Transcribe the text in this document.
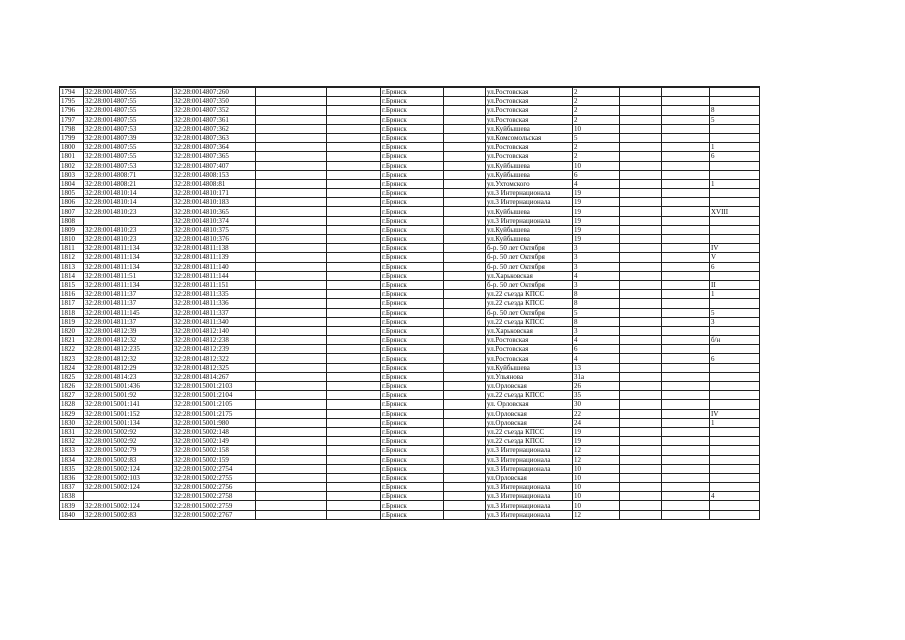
1794	32:28:0014807:55	32:28:0014807:260			г.Брянск		ул.Ростовская	2			
1795	32:28:0014807:55	32:28:0014807:350			г.Брянск		ул.Ростовская	2			
1796	32:28:0014807:55	32:28:0014807:352			г.Брянск		ул.Ростовская	2			8
1797	32:28:0014807:55	32:28:0014807:361			г.Брянск		ул.Ростовская	2			5
1798	32:28:0014807:53	32:28:0014807:362			г.Брянск		ул.Куйбышева	10			
1799	32:28:0014807:39	32:28:0014807:363			г.Брянск		ул.Комсомольская	5			
1800	32:28:0014807:55	32:28:0014807:364			г.Брянск		ул.Ростовская	2			1
1801	32:28:0014807:55	32:28:0014807:365			г.Брянск		ул.Ростовская	2			6
1802	32:28:0014807:53	32:28:0014807:407			г.Брянск		ул.Куйбышева	10			
1803	32:28:0014808:71	32:28:0014808:153			г.Брянск		ул.Куйбышева	6			
1804	32:28:0014808:21	32:28:0014808:81			г.Брянск		ул.Ухтомского	4			1
1805	32:28:0014810:14	32:28:0014810:171			г.Брянск		ул.3 Интернационала	19			
1806	32:28:0014810:14	32:28:0014810:183			г.Брянск		ул.3 Интернационала	19			
1807	32:28:0014810:23	32:28:0014810:365			г.Брянск		ул.Куйбышева	19			XVIII
1808		32:28:0014810:374			г.Брянск		ул.3 Интернационала	19			
1809	32:28:0014810:23	32:28:0014810:375			г.Брянск		ул.Куйбышева	19			
1810	32:28:0014810:23	32:28:0014810:376			г.Брянск		ул.Куйбышева	19			
1811	32:28:0014811:134	32:28:0014811:138			г.Брянск		б-р. 50 лет Октября	3			IV
1812	32:28:0014811:134	32:28:0014811:139			г.Брянск		б-р. 50 лет Октября	3			V
1813	32:28:0014811:134	32:28:0014811:140			г.Брянск		б-р. 50 лет Октября	3			6
1814	32:28:0014811:51	32:28:0014811:144			г.Брянск		ул.Харьковская	4			
1815	32:28:0014811:134	32:28:0014811:151			г.Брянск		б-р. 50 лет Октября	3			II
1816	32:28:0014811:37	32:28:0014811:335			г.Брянск		ул.22 съезда КПСС	8			1
1817	32:28:0014811:37	32:28:0014811:336			г.Брянск		ул.22 съезда КПСС	8			
1818	32:28:0014811:145	32:28:0014811:337			г.Брянск		б-р. 50 лет Октября	5			5
1819	32:28:0014811:37	32:28:0014811:340			г.Брянск		ул.22 съезда КПСС	8			3
1820	32:28:0014812:39	32:28:0014812:140			г.Брянск		ул.Харьковская	3			
1821	32:28:0014812:32	32:28:0014812:238			г.Брянск		ул.Ростовская	4			б/н
1822	32:28:0014812:235	32:28:0014812:239			г.Брянск		ул.Ростовская	6			
1823	32:28:0014812:32	32:28:0014812:322			г.Брянск		ул.Ростовская	4			6
1824	32:28:0014812:29	32:28:0014812:325			г.Брянск		ул.Куйбышева	13			
1825	32:28:0014814:23	32:28:0014814:267			г.Брянск		ул.Ульянова	31а			
1826	32:28:0015001:436	32:28:0015001:2103			г.Брянск		ул.Орловская	26			
1827	32:28:0015001:92	32:28:0015001:2104			г.Брянск		ул.22 съезда КПСС	35			
1828	32:28:0015001:141	32:28:0015001:2105			г.Брянск		ул. Орловская	30			
1829	32:28:0015001:152	32:28:0015001:2175			г.Брянск		ул.Орловская	22			IV
1830	32:28:0015001:134	32:28:0015001:980			г.Брянск		ул.Орловская	24			1
1831	32:28:0015002:92	32:28:0015002:148			г.Брянск		ул.22 съезда КПСС	19			
1832	32:28:0015002:92	32:28:0015002:149			г.Брянск		ул.22 съезда КПСС	19			
1833	32:28:0015002:79	32:28:0015002:158			г.Брянск		ул.3 Интернационала	12			
1834	32:28:0015002:83	32:28:0015002:159			г.Брянск		ул.3 Интернационала	12			
1835	32:28:0015002:124	32:28:0015002:2754			г.Брянск		ул.3 Интернационала	10			
1836	32:28:0015002:103	32:28:0015002:2755			г.Брянск		ул.Орловская	10			
1837	32:28:0015002:124	32:28:0015002:2756			г.Брянск		ул.3 Интернационала	10			
1838		32:28:0015002:2758			г.Брянск		ул.3 Интернационала	10			4
1839	32:28:0015002:124	32:28:0015002:2759			г.Брянск		ул.3 Интернационала	10			
1840	32:28:0015002:83	32:28:0015002:2767			г.Брянск		ул.3 Интернационала	12			
